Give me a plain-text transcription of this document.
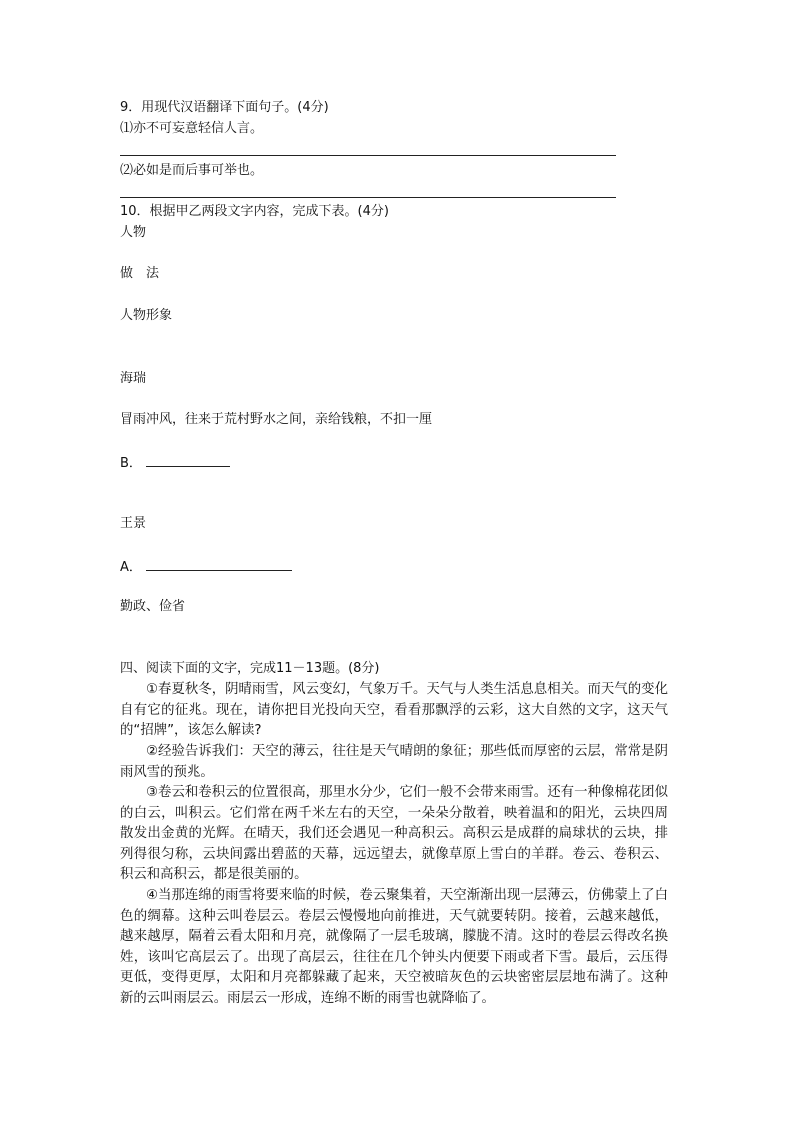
9．用现代汉语翻译下面句子。(4分)
⑴亦不可妄意轻信人言。
⑵必如是而后事可举也。
10．根据甲乙两段文字内容，完成下表。(4分)
人物
做　法
人物形象
海瑞
冒雨冲风，往来于荒村野水之间，亲给钱粮，不扣一厘
B．
王景
A．
勤政、俭省
四、阅读下面的文字，完成11－13题。(8分)
①春夏秋冬，阴晴雨雪，风云变幻，气象万千。天气与人类生活息息相关。而天气的变化自有它的征兆。现在，请你把目光投向天空，看看那飘浮的云彩，这大自然的文字，这天气的“招牌”，该怎么解读?
②经验告诉我们：天空的薄云，往往是天气晴朗的象征；那些低而厚密的云层，常常是阴雨风雪的预兆。
③卷云和卷积云的位置很高，那里水分少，它们一般不会带来雨雪。还有一种像棉花团似的白云，叫积云。它们常在两千米左右的天空，一朵朵分散着，映着温和的阳光，云块四周散发出金黄的光辉。在晴天，我们还会遇见一种高积云。高积云是成群的扁球状的云块，排列得很匀称，云块间露出碧蓝的天幕，远远望去，就像草原上雪白的羊群。卷云、卷积云、积云和高积云，都是很美丽的。
④当那连绵的雨雪将要来临的时候，卷云聚集着，天空渐渐出现一层薄云，仿佛蒙上了白色的绸幕。这种云叫卷层云。卷层云慢慢地向前推进，天气就要转阴。接着，云越来越低，越来越厚，隔着云看太阳和月亮，就像隔了一层毛玻璃，朦胧不清。这时的卷层云得改名换姓，该叫它高层云了。出现了高层云，往往在几个钟头内便要下雨或者下雪。最后，云压得更低，变得更厚，太阳和月亮都躲藏了起来，天空被暗灰色的云块密密层层地布满了。这种新的云叫雨层云。雨层云一形成，连绵不断的雨雪也就降临了。
